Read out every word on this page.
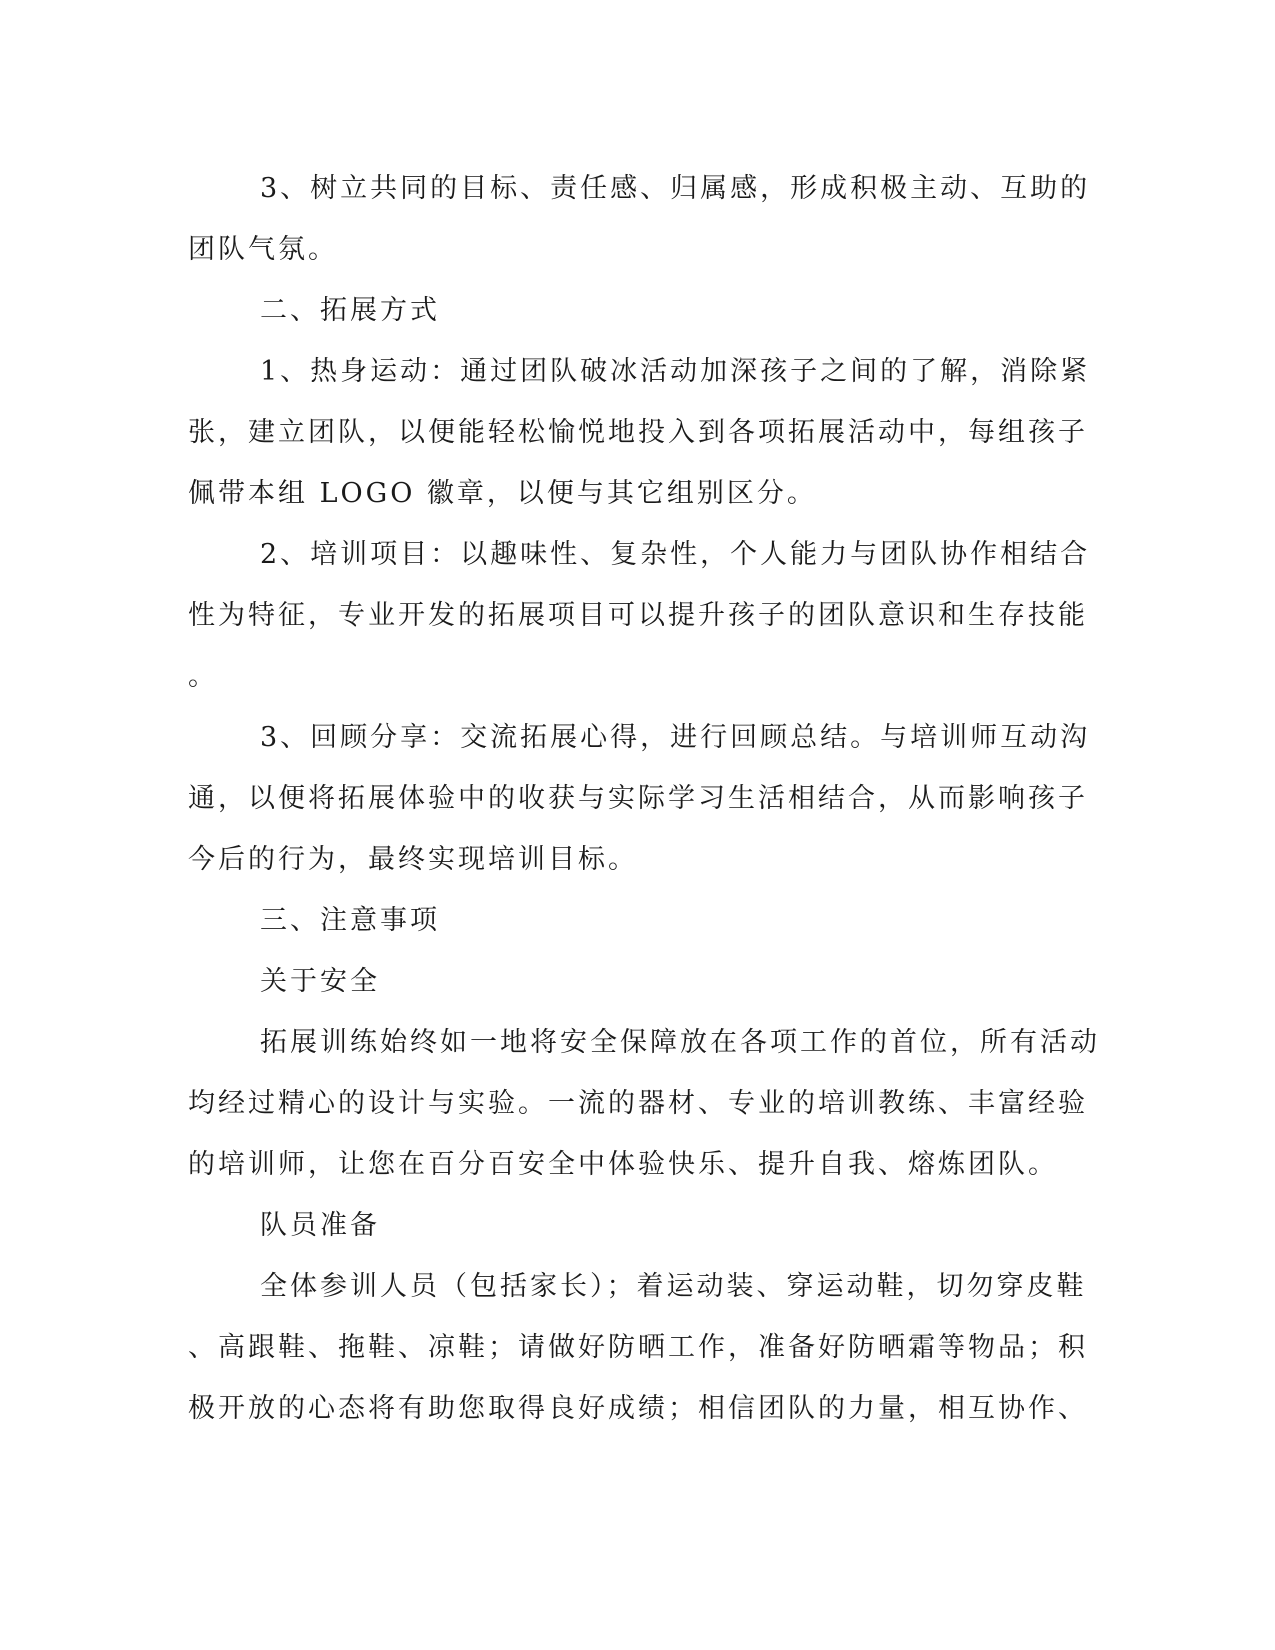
3、树立共同的目标、责任感、归属感，形成积极主动、互助的
团队气氛。
二、拓展方式
1、热身运动：通过团队破冰活动加深孩子之间的了解，消除紧
张，建立团队，以便能轻松愉悦地投入到各项拓展活动中，每组孩子
佩带本组 LOGO 徽章，以便与其它组别区分。
2、培训项目：以趣味性、复杂性，个人能力与团队协作相结合
性为特征，专业开发的拓展项目可以提升孩子的团队意识和生存技能
。
3、回顾分享：交流拓展心得，进行回顾总结。与培训师互动沟
通，以便将拓展体验中的收获与实际学习生活相结合，从而影响孩子
今后的行为，最终实现培训目标。
三、注意事项
关于安全
拓展训练始终如一地将安全保障放在各项工作的首位，所有活动
均经过精心的设计与实验。一流的器材、专业的培训教练、丰富经验
的培训师，让您在百分百安全中体验快乐、提升自我、熔炼团队。
队员准备
全体参训人员（包括家长）；着运动装、穿运动鞋，切勿穿皮鞋
、高跟鞋、拖鞋、凉鞋；请做好防晒工作，准备好防晒霜等物品；积
极开放的心态将有助您取得良好成绩；相信团队的力量，相互协作、
